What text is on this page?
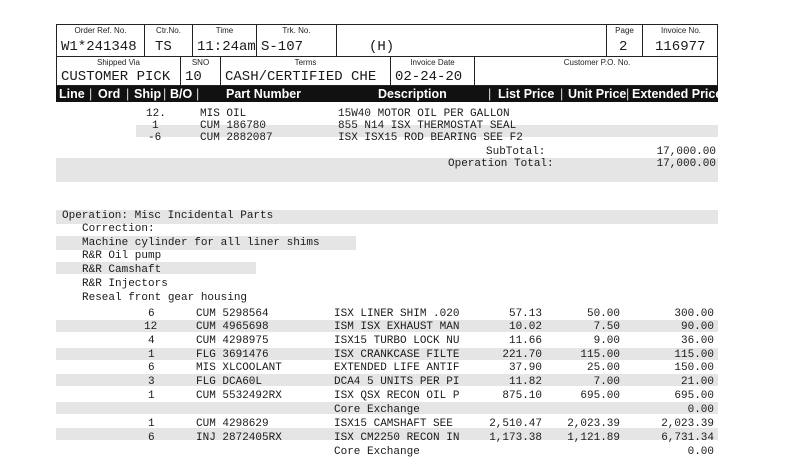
Order Ref. No.
W1*241348
Ctr.No.
TS
Time
11:24am
Trk. No.
S-107	(H)
Page
2
Invoice No.
116977
Shipped Via
CUSTOMER PICK
SNO
10
Terms
CASH/CERTIFIED CHE
Invoice Date
02-24-20
Customer P.O. No.
Line | Ord | Ship | B/O | Part Number	Description	| List Price | Unit Price | Extended Price
12.	MIS OIL	15W40 MOTOR OIL PER GALLON
1	CUM 186780	855 N14 ISX THERMOSTAT SEAL
-6	CUM 2882087	ISX ISX15 ROD BEARING SEE F2
SubTotal:	17,000.00
Operation Total:	17,000.00
Operation: Misc Incidental Parts
Correction:
Machine cylinder for all liner shims
R&R Oil pump
R&R Camshaft
R&R Injectors
Reseal front gear housing
6	CUM 5298564	ISX LINER SHIM .020	57.13	50.00	300.00
12	CUM 4965698	ISM ISX EXHAUST MAN	10.02	7.50	90.00
4	CUM 4298975	ISX15 TURBO LOCK NU	11.66	9.00	36.00
1	FLG 3691476	ISX CRANKCASE FILTE	221.70	115.00	115.00
6	MIS XLCOOLANT	EXTENDED LIFE ANTIF	37.90	25.00	150.00
3	FLG DCA60L	DCA4 5 UNITS PER PI	11.82	7.00	21.00
1	CUM 5532492RX	ISX QSX RECON OIL P	875.10	695.00	695.00
Core Exchange	0.00
1	CUM 4298629	ISX15 CAMSHAFT SEE	2,510.47	2,023.39	2,023.39
6	INJ 2872405RX	ISX CM2250 RECON IN	1,173.38	1,121.89	6,731.34
Core Exchange	0.00
